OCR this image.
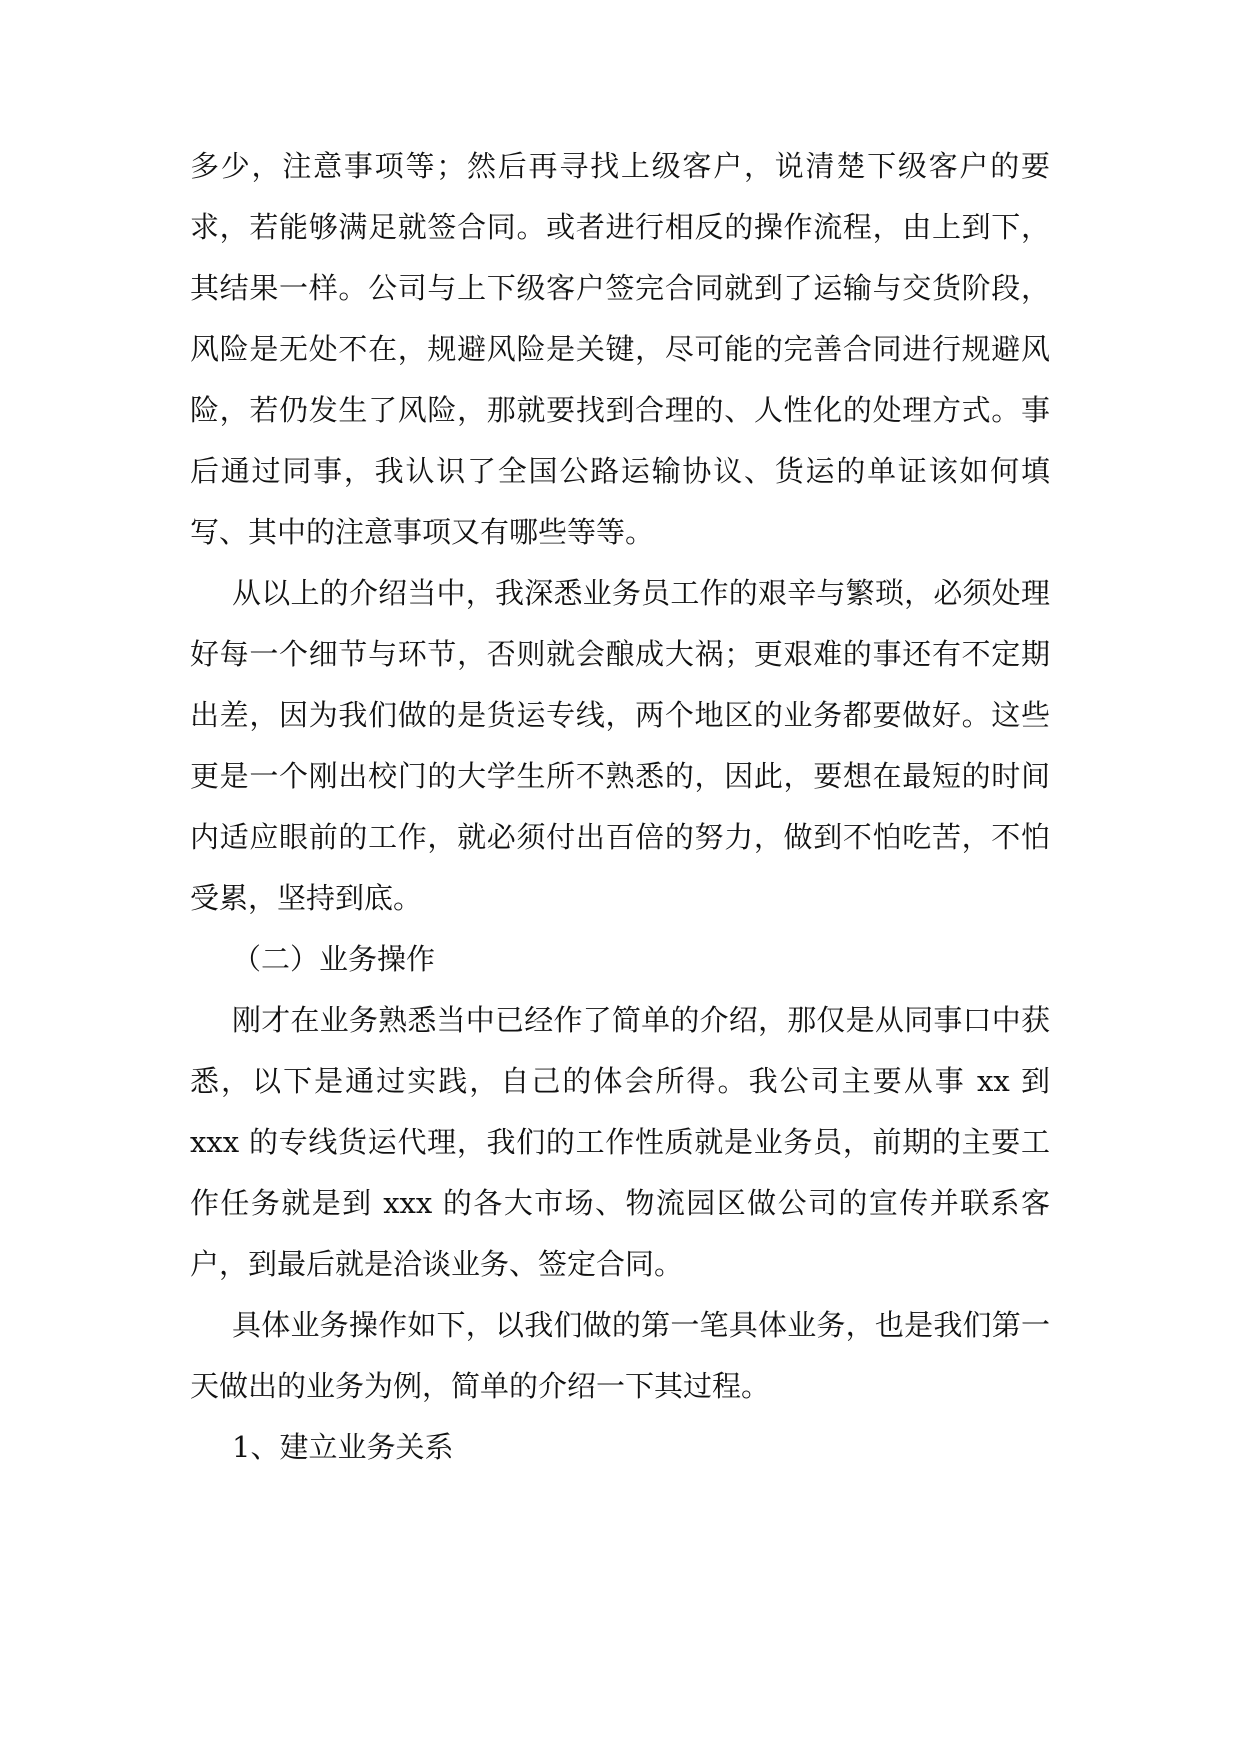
多少，注意事项等；然后再寻找上级客户，说清楚下级客户的要求，若能够满足就签合同。或者进行相反的操作流程，由上到下，其结果一样。公司与上下级客户签完合同就到了运输与交货阶段，风险是无处不在，规避风险是关键，尽可能的完善合同进行规避风险，若仍发生了风险，那就要找到合理的、人性化的处理方式。事后通过同事，我认识了全国公路运输协议、货运的单证该如何填写、其中的注意事项又有哪些等等。

从以上的介绍当中，我深悉业务员工作的艰辛与繁琐，必须处理好每一个细节与环节，否则就会酿成大祸；更艰难的事还有不定期出差，因为我们做的是货运专线，两个地区的业务都要做好。这些更是一个刚出校门的大学生所不熟悉的，因此，要想在最短的时间内适应眼前的工作，就必须付出百倍的努力，做到不怕吃苦，不怕受累，坚持到底。

（二）业务操作

刚才在业务熟悉当中已经作了简单的介绍，那仅是从同事口中获悉，以下是通过实践，自己的体会所得。我公司主要从事 xx 到 xxx 的专线货运代理，我们的工作性质就是业务员，前期的主要工作任务就是到 xxx 的各大市场、物流园区做公司的宣传并联系客户，到最后就是洽谈业务、签定合同。

具体业务操作如下，以我们做的第一笔具体业务，也是我们第一天做出的业务为例，简单的介绍一下其过程。

1、建立业务关系
